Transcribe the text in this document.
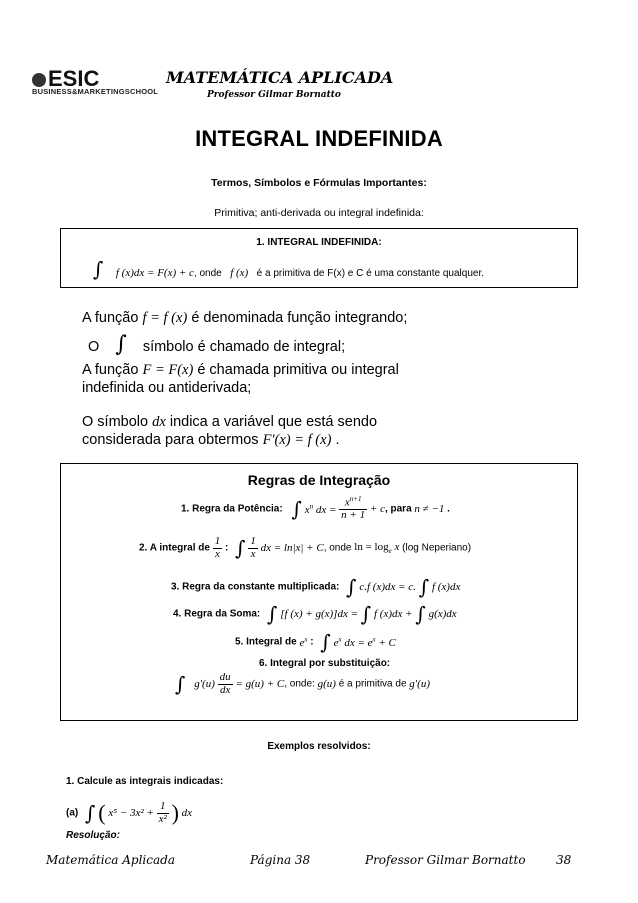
ESIC
BUSINESS&MARKETINGSCHOOL
MATEMÁTICA APLICADA
Professor Gilmar Bornatto
INTEGRAL INDEFINIDA
Termos, Símbolos e Fórmulas Importantes:
Primitiva; anti-derivada ou integral indefinida:
1. INTEGRAL INDEFINIDA:
∫ f (x)dx = F(x) + c, onde f (x) é a primitiva de F(x) e C é uma constante qualquer.
A função f = f (x) é denominada função integrando;
O ∫ símbolo é chamado de integral;
A função F = F(x) é chamada primitiva ou integral
indefinida ou antiderivada;
O símbolo dx indica a variável que está sendo
considerada para obtermos F'(x) = f (x) .
Regras de Integração
1. Regra da Potência: ∫ $x^n$ dx = $\frac{x^{n+1}}{n + 1} + c$, para n ≠ −1 .
2. A integral de $\frac{1}{x}$ : ∫ $\frac{1}{x}$ dx = ln|x| + C, onde $\ln = \log_e x$ (log Neperiano)
3. Regra da constante multiplicada: ∫ c.f (x)dx = c. ∫ f (x)dx
4. Regra da Soma: ∫ [f (x) + g(x)]dx = ∫ f (x)dx + ∫ g(x)dx
5. Integral de $e^x$ : ∫ $e^x$ dx = $e^x + C$
6. Integral por substituição:
∫ $g'(u) \frac{du}{dx} = g(u) + C$, onde: g(u) é a primitiva de g'(u)
Exemplos resolvidos:
1. Calcule as integrais indicadas:
(a) ∫ ( $x^5 - 3x^2 + \frac{1}{\text{x²}}$ ) dx
Resolução:
Matemática Aplicada	Página 38	Professor Gilmar Bornatto	38
